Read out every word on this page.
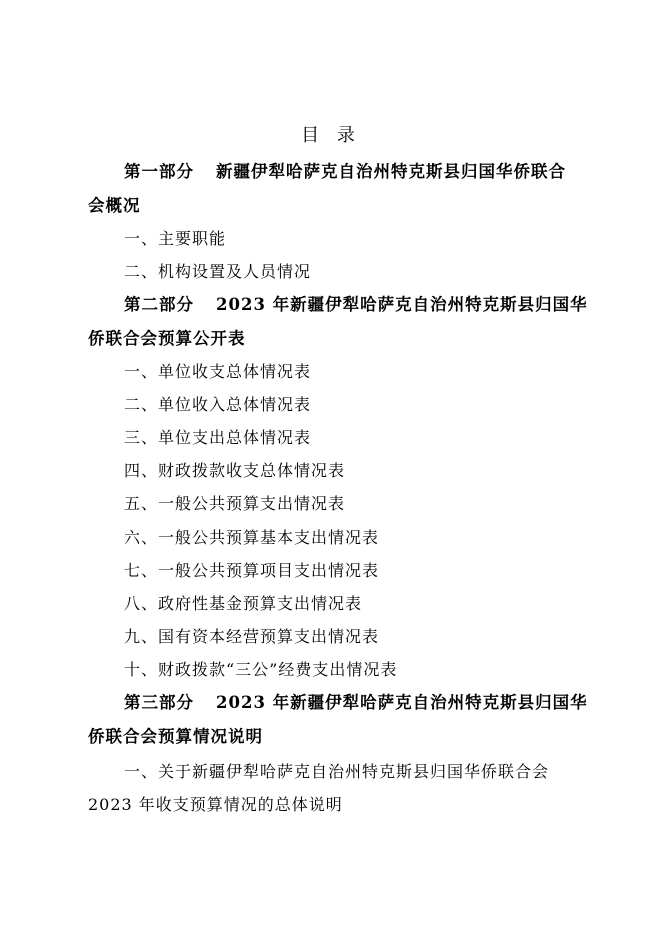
目 录
第一部分 新疆伊犁哈萨克自治州特克斯县归国华侨联合
会概况
一、主要职能
二、机构设置及人员情况
第二部分 2023 年新疆伊犁哈萨克自治州特克斯县归国华
侨联合会预算公开表
一、单位收支总体情况表
二、单位收入总体情况表
三、单位支出总体情况表
四、财政拨款收支总体情况表
五、一般公共预算支出情况表
六、一般公共预算基本支出情况表
七、一般公共预算项目支出情况表
八、政府性基金预算支出情况表
九、国有资本经营预算支出情况表
十、财政拨款“三公”经费支出情况表
第三部分 2023 年新疆伊犁哈萨克自治州特克斯县归国华
侨联合会预算情况说明
一、关于新疆伊犁哈萨克自治州特克斯县归国华侨联合会
2023 年收支预算情况的总体说明
